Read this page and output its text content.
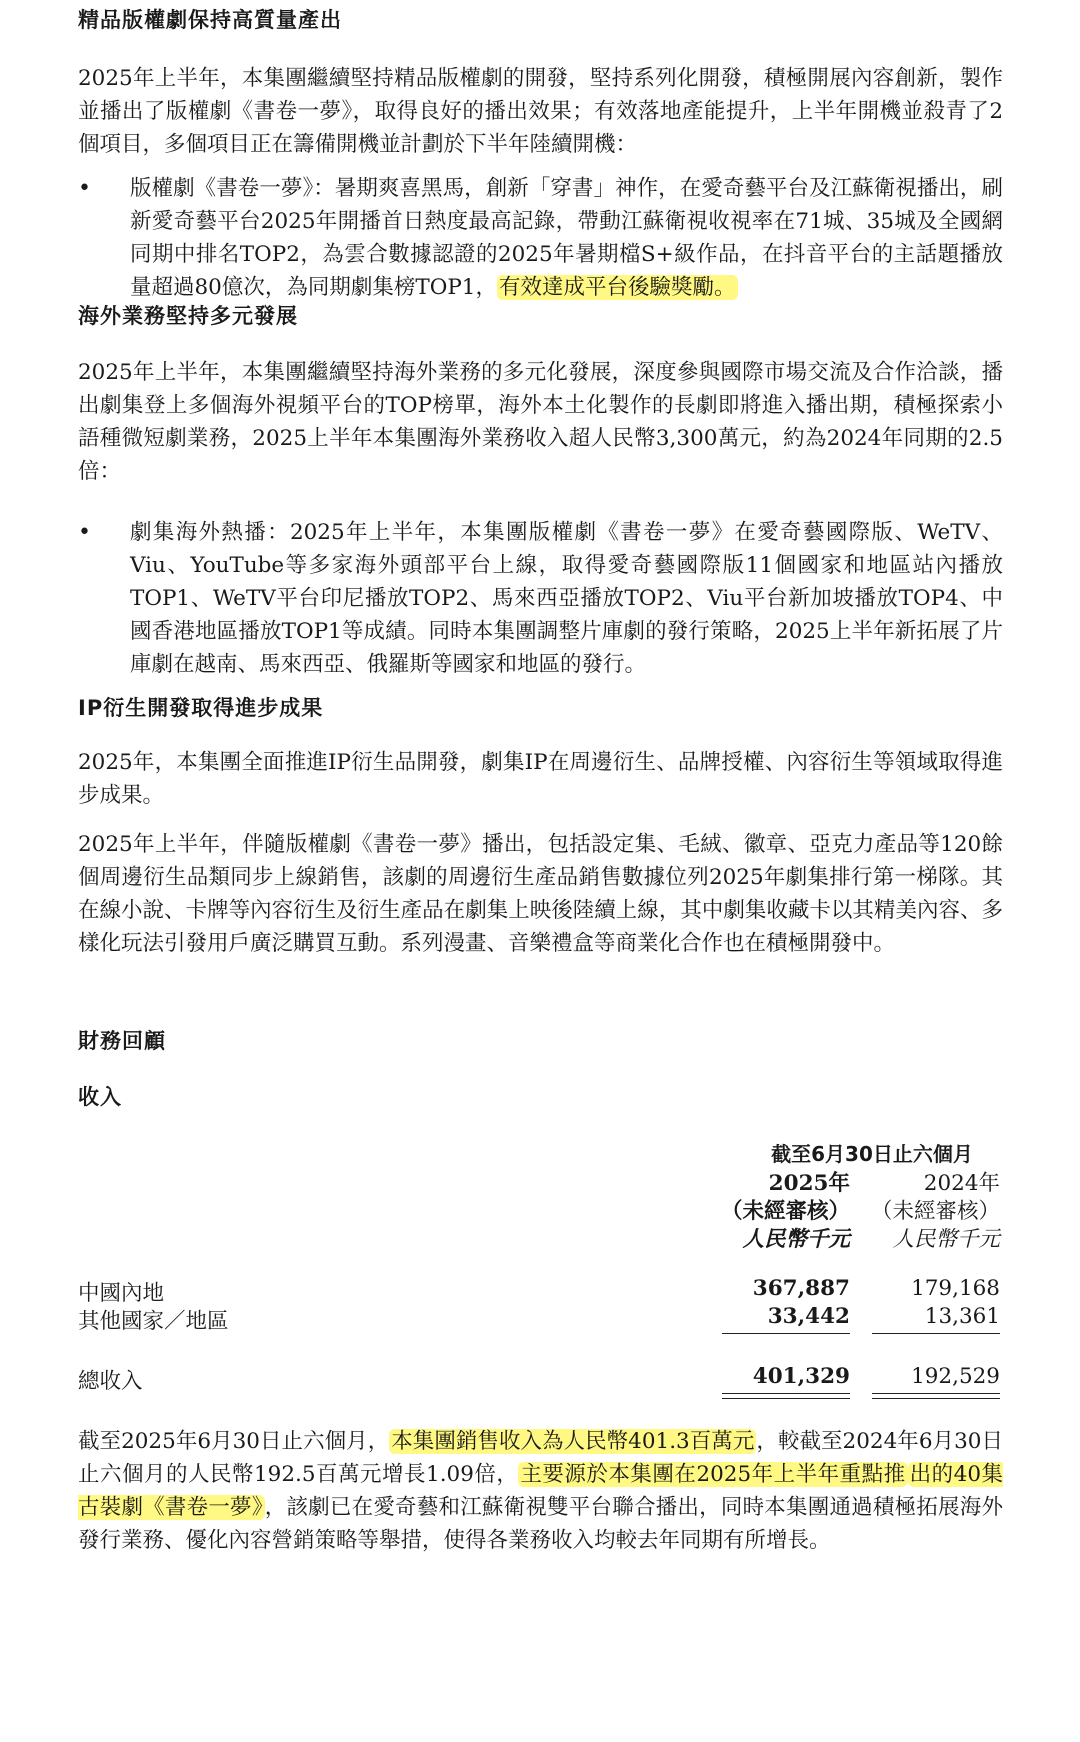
精品版權劇保持高質量產出
2025年上半年，本集團繼續堅持精品版權劇的開發，堅持系列化開發，積極開展內容創新，製作並播出了版權劇《書卷一夢》，取得良好的播出效果；有效落地產能提升，上半年開機並殺青了2個項目，多個項目正在籌備開機並計劃於下半年陸續開機：
• 版權劇《書卷一夢》：暑期爽喜黑馬，創新「穿書」神作，在愛奇藝平台及江蘇衛視播出，刷新愛奇藝平台2025年開播首日熱度最高記錄，帶動江蘇衛視收視率在71城、35城及全國網同期中排名TOP2，為雲合數據認證的2025年暑期檔S+級作品，在抖音平台的主話題播放量超過80億次，為同期劇集榜TOP1，有效達成平台後驗獎勵。
海外業務堅持多元發展
2025年上半年，本集團繼續堅持海外業務的多元化發展，深度參與國際市場交流及合作洽談，播出劇集登上多個海外視頻平台的TOP榜單，海外本土化製作的長劇即將進入播出期，積極探索小語種微短劇業務，2025上半年本集團海外業務收入超人民幣3,300萬元，約為2024年同期的2.5倍：
• 劇集海外熱播：2025年上半年，本集團版權劇《書卷一夢》在愛奇藝國際版、WeTV、Viu、YouTube等多家海外頭部平台上線，取得愛奇藝國際版11個國家和地區站內播放TOP1、WeTV平台印尼播放TOP2、馬來西亞播放TOP2、Viu平台新加坡播放TOP4、中國香港地區播放TOP1等成績。同時本集團調整片庫劇的發行策略，2025上半年新拓展了片庫劇在越南、馬來西亞、俄羅斯等國家和地區的發行。
IP衍生開發取得進步成果
2025年，本集團全面推進IP衍生品開發，劇集IP在周邊衍生、品牌授權、內容衍生等領域取得進步成果。
2025年上半年，伴隨版權劇《書卷一夢》播出，包括設定集、毛絨、徽章、亞克力產品等120餘個周邊衍生品類同步上線銷售，該劇的周邊衍生產品銷售數據位列2025年劇集排行第一梯隊。其在線小說、卡牌等內容衍生及衍生產品在劇集上映後陸續上線，其中劇集收藏卡以其精美內容、多樣化玩法引發用戶廣泛購買互動。系列漫畫、音樂禮盒等商業化合作也在積極開發中。
財務回顧
收入
截至6月30日止六個月
2025年	2024年
（未經審核） （未經審核）
人民幣千元	人民幣千元
中國內地	367,887	179,168
其他國家／地區	33,442	13,361
總收入	401,329	192,529
截至2025年6月30日止六個月，本集團銷售收入為人民幣401.3百萬元，較截至2024年6月30日止六個月的人民幣192.5百萬元增長1.09倍，主要源於本集團在2025年上半年重點推 出的40集古裝劇《書卷一夢》，該劇已在愛奇藝和江蘇衛視雙平台聯合播出，同時本集團通過積極拓展海外發行業務、優化內容營銷策略等舉措，使得各業務收入均較去年同期有所增長。
